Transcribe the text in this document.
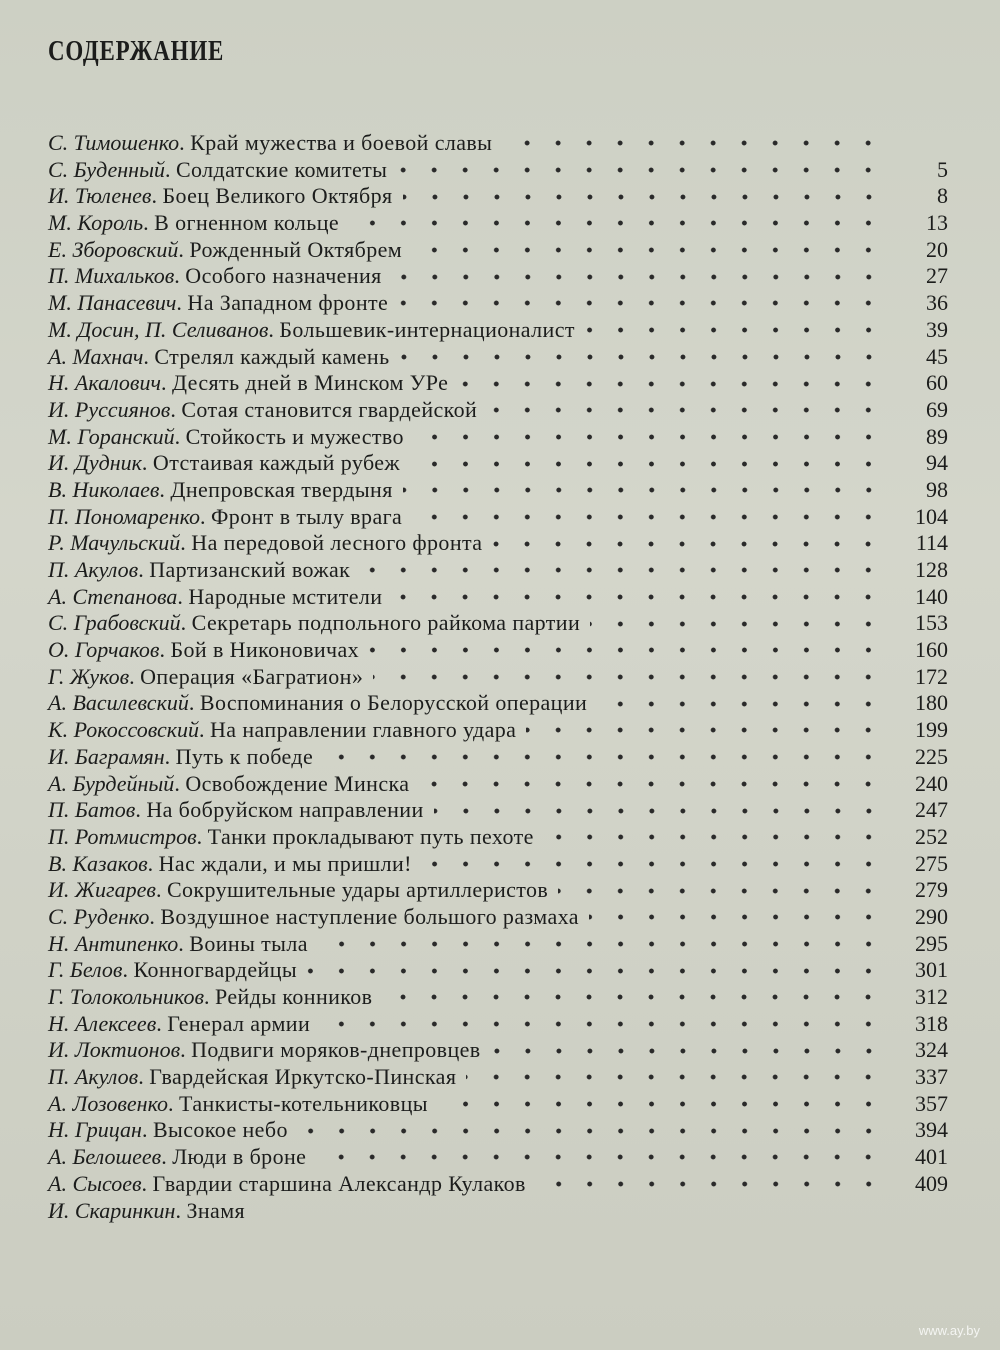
СОДЕРЖАНИЕ
С. Тимошенко. Край мужества и боевой славы
С. Буденный. Солдатские комитеты	5
И. Тюленев. Боец Великого Октября	8
М. Король. В огненном кольце	13
Е. Зборовский. Рожденный Октябрем	20
П. Михальков. Особого назначения	27
М. Панасевич. На Западном фронте	36
М. Досин, П. Селиванов. Большевик-интернационалист	39
А. Махнач. Стрелял каждый камень	45
Н. Акалович. Десять дней в Минском УРе	60
И. Руссиянов. Сотая становится гвардейской	69
М. Горанский. Стойкость и мужество	89
И. Дудник. Отстаивая каждый рубеж	94
В. Николаев. Днепровская твердыня	98
П. Пономаренко. Фронт в тылу врага	104
Р. Мачульский. На передовой лесного фронта	114
П. Акулов. Партизанский вожак	128
А. Степанова. Народные мстители	140
С. Грабовский. Секретарь подпольного райкома партии	153
О. Горчаков. Бой в Никоновичах	160
Г. Жуков. Операция «Багратион»	172
А. Василевский. Воспоминания о Белорусской операции	180
К. Рокоссовский. На направлении главного удара	199
И. Баграмян. Путь к победе	225
А. Бурдейный. Освобождение Минска	240
П. Батов. На бобруйском направлении	247
П. Ротмистров. Танки прокладывают путь пехоте	252
В. Казаков. Нас ждали, и мы пришли!	275
И. Жигарев. Сокрушительные удары артиллеристов	279
С. Руденко. Воздушное наступление большого размаха	290
Н. Антипенко. Воины тыла	295
Г. Белов. Конногвардейцы	301
Г. Толокольников. Рейды конников	312
Н. Алексеев. Генерал армии	318
И. Локтионов. Подвиги моряков-днепровцев	324
П. Акулов. Гвардейская Иркутско-Пинская	337
А. Лозовенко. Танкисты-котельниковцы	357
Н. Грицан. Высокое небо	394
А. Белошеев. Люди в броне	401
А. Сысоев. Гвардии старшина Александр Кулаков	409
И. Скаринкин. Знамя
www.ay.by
